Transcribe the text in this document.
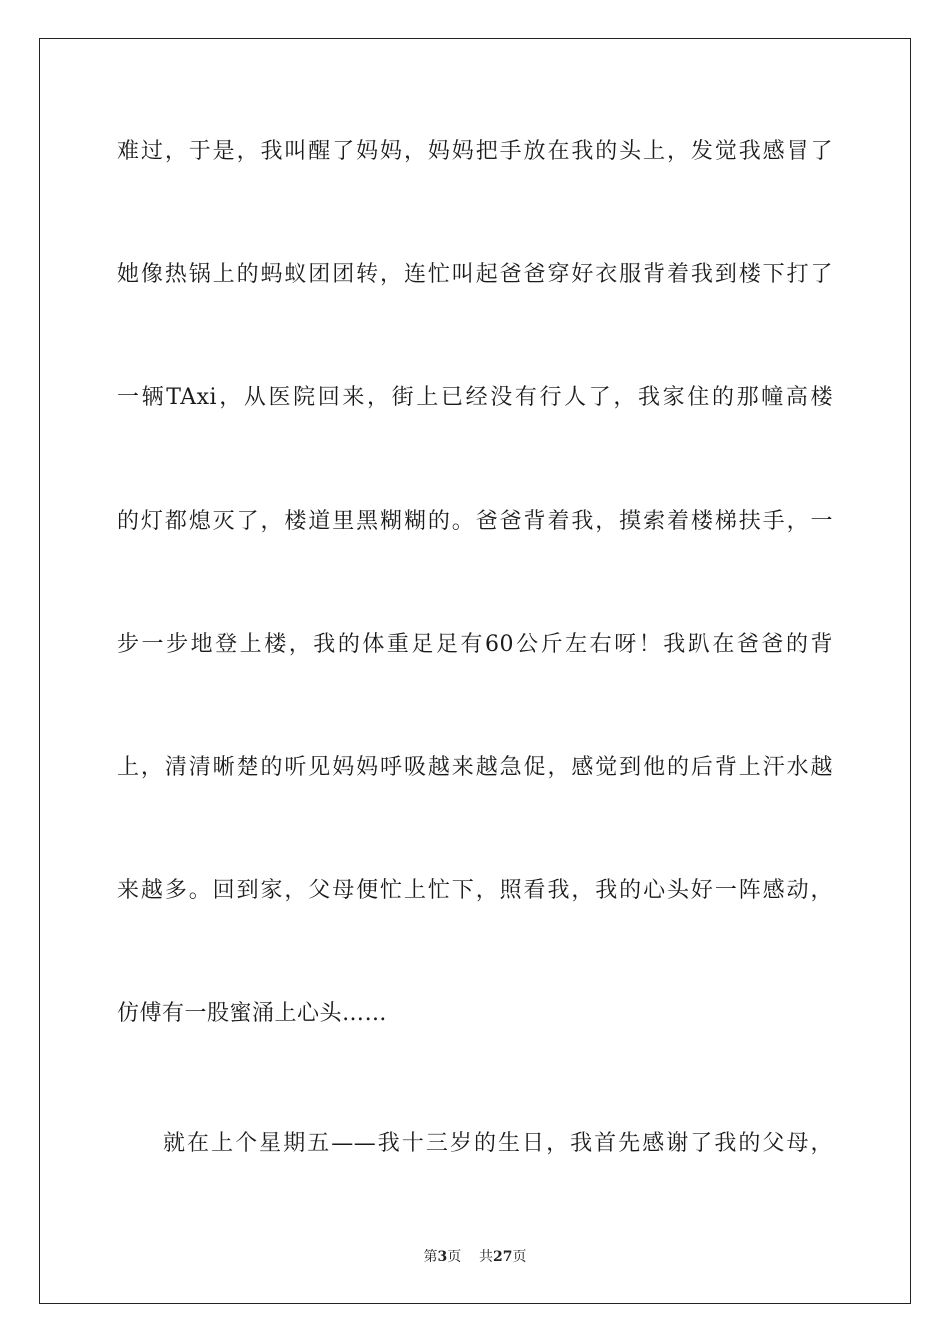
难过，于是，我叫醒了妈妈，妈妈把手放在我的头上，发觉我感冒了
她像热锅上的蚂蚁团团转，连忙叫起爸爸穿好衣服背着我到楼下打了
一辆TAxi，从医院回来，街上已经没有行人了，我家住的那幢高楼
的灯都熄灭了，楼道里黑糊糊的。爸爸背着我，摸索着楼梯扶手，一
步一步地登上楼，我的体重足足有60公斤左右呀！我趴在爸爸的背
上，清清晰楚的听见妈妈呼吸越来越急促，感觉到他的后背上汗水越
来越多。回到家，父母便忙上忙下，照看我，我的心头好一阵感动，
仿傅有一股蜜涌上心头……
就在上个星期五——我十三岁的生日，我首先感谢了我的父母，
第3页 共27页
